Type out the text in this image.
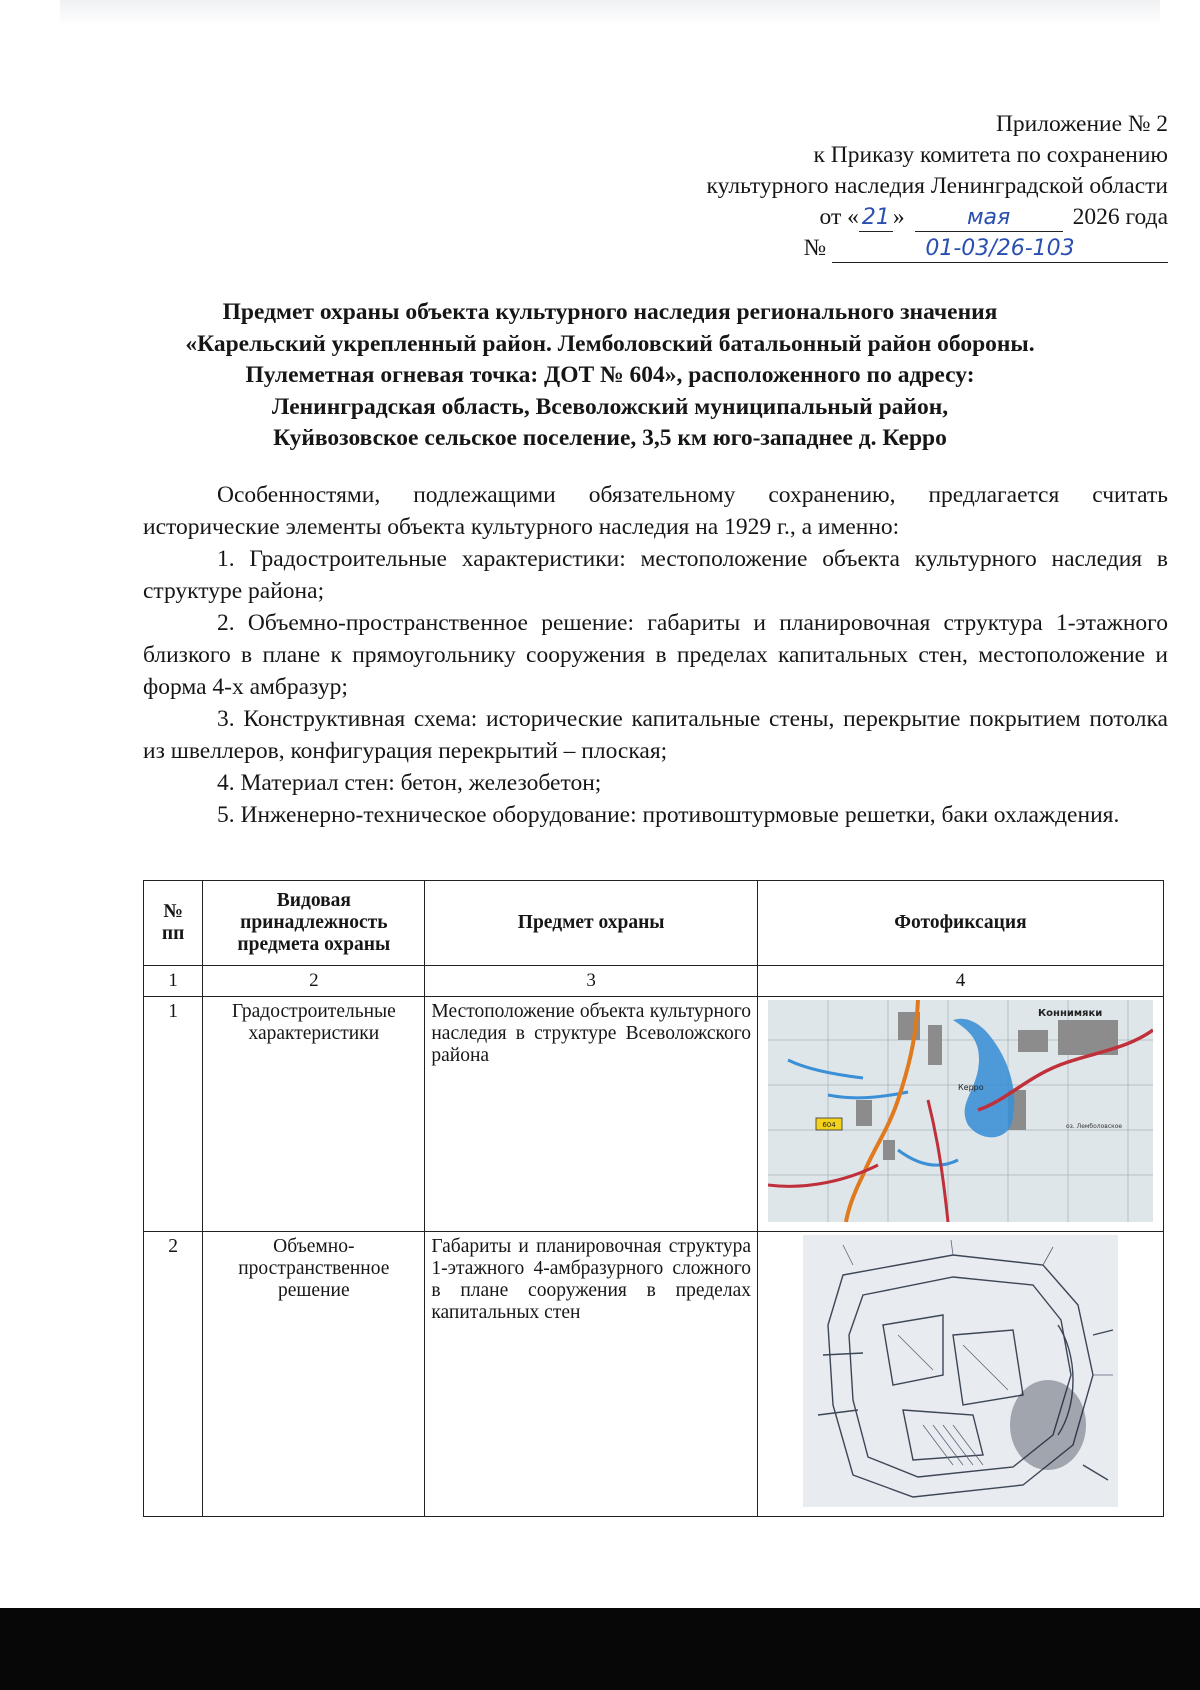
Приложение № 2
к Приказу комитета по сохранению
культурного наследия Ленинградской области
от « 21 »	мая	2026 года
№	01-03/26-103
Предмет охраны объекта культурного наследия регионального значения
«Карельский укрепленный район. Лемболовский батальонный район обороны.
Пулеметная огневая точка: ДОТ № 604», расположенного по адресу:
Ленинградская область, Всеволожский муниципальный район,
Куйвозовское сельское поселение, 3,5 км юго-западнее д. Керро

Особенностями, подлежащими обязательному сохранению, предлагается считать исторические элементы объекта культурного наследия на 1929 г., а именно:

1. Градостроительные характеристики: местоположение объекта культурного наследия в структуре района;

2. Объемно-пространственное решение: габариты и планировочная структура 1-этажного близкого в плане к прямоугольнику сооружения в пределах капитальных стен, местоположение и форма 4-х амбразур;

3. Конструктивная схема: исторические капитальные стены, перекрытие покрытием потолка из швеллеров, конфигурация перекрытий – плоская;

4. Материал стен: бетон, железобетон;

5. Инженерно-техническое оборудование: противоштурмовые решетки, баки охлаждения.

№ пп	Видовая принадлежность предмета охраны	Предмет охраны	Фотофиксация
1	2	3	4
1	Градостроительные характеристики	Местоположение объекта культурного наследия в структуре Всеволожского района	604
Коннимяки
Керро
оз. Лемболовское

2	Объемно-пространственное решение	Габариты и планировочная структура 1-этажного 4-амбразурного сложного в плане сооружения в пределах капитальных стен	
